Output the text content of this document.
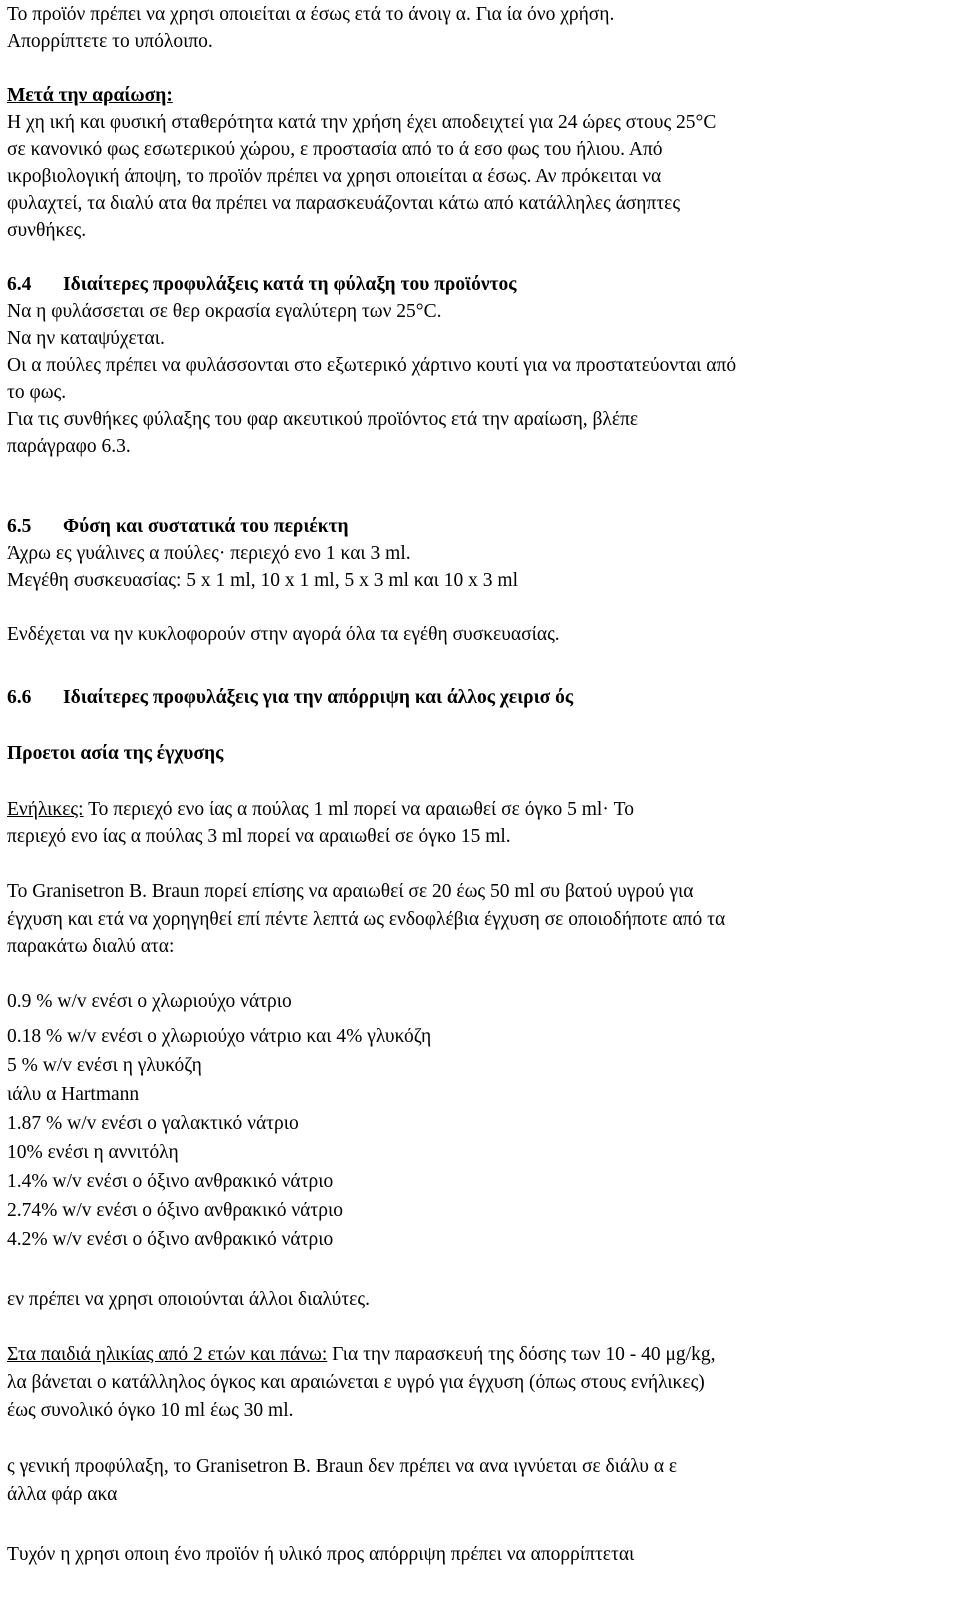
Το προϊόν πρέπει να χρησι οποιείται α έσως ετά το άνοιγ α. Για ία όνο χρήση.
Απορρίπτετε το υπόλοιπο.
Μετά την αραίωση:
Η χη ική και φυσική σταθερότητα κατά την χρήση έχει αποδειχτεί για 24 ώρες στους 25°C
σε κανονικό φως εσωτερικού χώρου, ε προστασία από το ά εσο φως του ήλιου. Από
ικροβιολογική άποψη, το προϊόν πρέπει να χρησι οποιείται α έσως. Αν πρόκειται να
φυλαχτεί, τα διαλύ ατα θα πρέπει να παρασκευάζονται κάτω από κατάλληλες άσηπτες
συνθήκες.
6.4 Ιδιαίτερες προφυλάξεις κατά τη φύλαξη του προϊόντος
Να η φυλάσσεται σε θερ οκρασία εγαλύτερη των 25°C.
Να ην καταψύχεται.
Οι α πούλες πρέπει να φυλάσσονται στο εξωτερικό χάρτινο κουτί για να προστατεύονται από
το φως.
Για τις συνθήκες φύλαξης του φαρ ακευτικού προϊόντος ετά την αραίωση, βλέπε
παράγραφο 6.3.
6.5 Φύση και συστατικά του περιέκτη
Άχρω ες γυάλινες α πούλες· περιεχό ενο 1 και 3 ml.
Μεγέθη συσκευασίας: 5 x 1 ml, 10 x 1 ml, 5 x 3 ml και 10 x 3 ml
Ενδέχεται να ην κυκλοφορούν στην αγορά όλα τα εγέθη συσκευασίας.
6.6 Ιδιαίτερες προφυλάξεις για την απόρριψη και άλλος χειρισ ός
Προετοι ασία της έγχυσης
Ενήλικες: Το περιεχό ενο ίας α πούλας 1 ml πορεί να αραιωθεί σε όγκο 5 ml· Το
περιεχό ενο ίας α πούλας 3 ml πορεί να αραιωθεί σε όγκο 15 ml.
Το Granisetron B. Braun πορεί επίσης να αραιωθεί σε 20 έως 50 ml συ βατού υγρού για
έγχυση και ετά να χορηγηθεί επί πέντε λεπτά ως ενδοφλέβια έγχυση σε οποιοδήποτε από τα
παρακάτω διαλύ ατα:
0.9 % w/v ενέσι ο χλωριούχο νάτριο
0.18 % w/v ενέσι ο χλωριούχο νάτριο και 4% γλυκόζη
5 % w/v ενέσι η γλυκόζη
ιάλυ α Hartmann
1.87 % w/v ενέσι ο γαλακτικό νάτριο
10% ενέσι η αννιτόλη
1.4% w/v ενέσι ο όξινο ανθρακικό νάτριο
2.74% w/v ενέσι ο όξινο ανθρακικό νάτριο
4.2% w/v ενέσι ο όξινο ανθρακικό νάτριο
εν πρέπει να χρησι οποιούνται άλλοι διαλύτες.
Στα παιδιά ηλικίας από 2 ετών και πάνω: Για την παρασκευή της δόσης των 10 - 40 μg/kg,
λα βάνεται ο κατάλληλος όγκος και αραιώνεται ε υγρό για έγχυση (όπως στους ενήλικες)
έως συνολικό όγκο 10 ml έως 30 ml.
ς γενική προφύλαξη, το Granisetron B. Braun δεν πρέπει να ανα ιγνύεται σε διάλυ α ε
άλλα φάρ ακα
Τυχόν η χρησι οποιη ένο προϊόν ή υλικό προς απόρριψη πρέπει να απορρίπτεται
